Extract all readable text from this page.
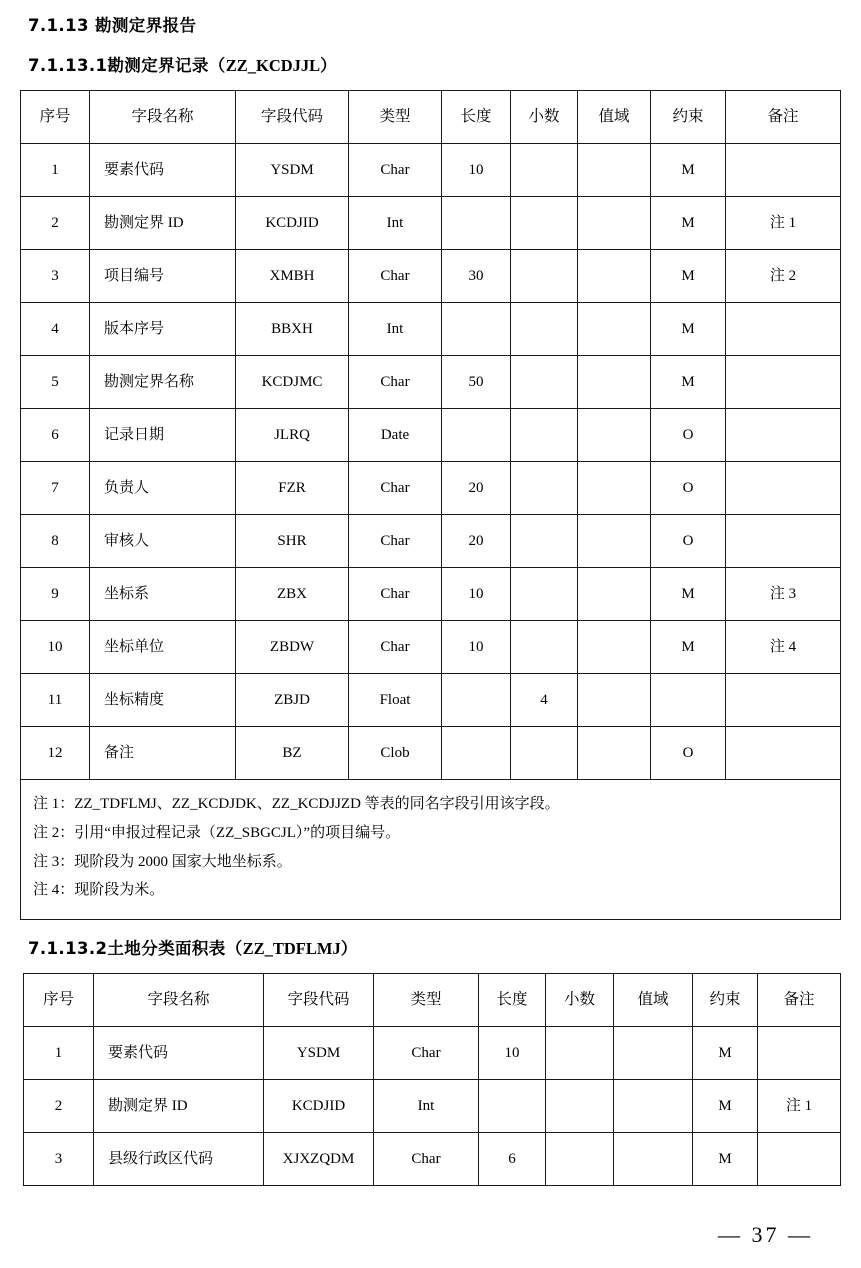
7.1.13 勘测定界报告
7.1.13.1勘测定界记录（ZZ_KCDJJL）
序号	字段名称	字段代码	类型	长度	小数	值域	约束	备注
1	要素代码	YSDM	Char	10			M	
2	勘测定界 ID	KCDJID	Int				M	注 1
3	项目编号	XMBH	Char	30			M	注 2
4	版本序号	BBXH	Int				M	
5	勘测定界名称	KCDJMC	Char	50			M	
6	记录日期	JLRQ	Date				O	
7	负责人	FZR	Char	20			O	
8	审核人	SHR	Char	20			O	
9	坐标系	ZBX	Char	10			M	注 3
10	坐标单位	ZBDW	Char	10			M	注 4
11	坐标精度	ZBJD	Float		4			
12	备注	BZ	Clob				O	

注 1：ZZ_TDFLMJ、ZZ_KCDJDK、ZZ_KCDJJZD 等表的同名字段引用该字段。
注 2：引用“申报过程记录（ZZ_SBGCJL）”的项目编号。
注 3：现阶段为 2000 国家大地坐标系。
注 4：现阶段为米。								
7.1.13.2土地分类面积表（ZZ_TDFLMJ）
序号	字段名称	字段代码	类型	长度	小数	值域	约束	备注
1	要素代码	YSDM	Char	10			M	
2	勘测定界 ID	KCDJID	Int				M	注 1
3	县级行政区代码	XJXZQDM	Char	6			M	
— 37 —
